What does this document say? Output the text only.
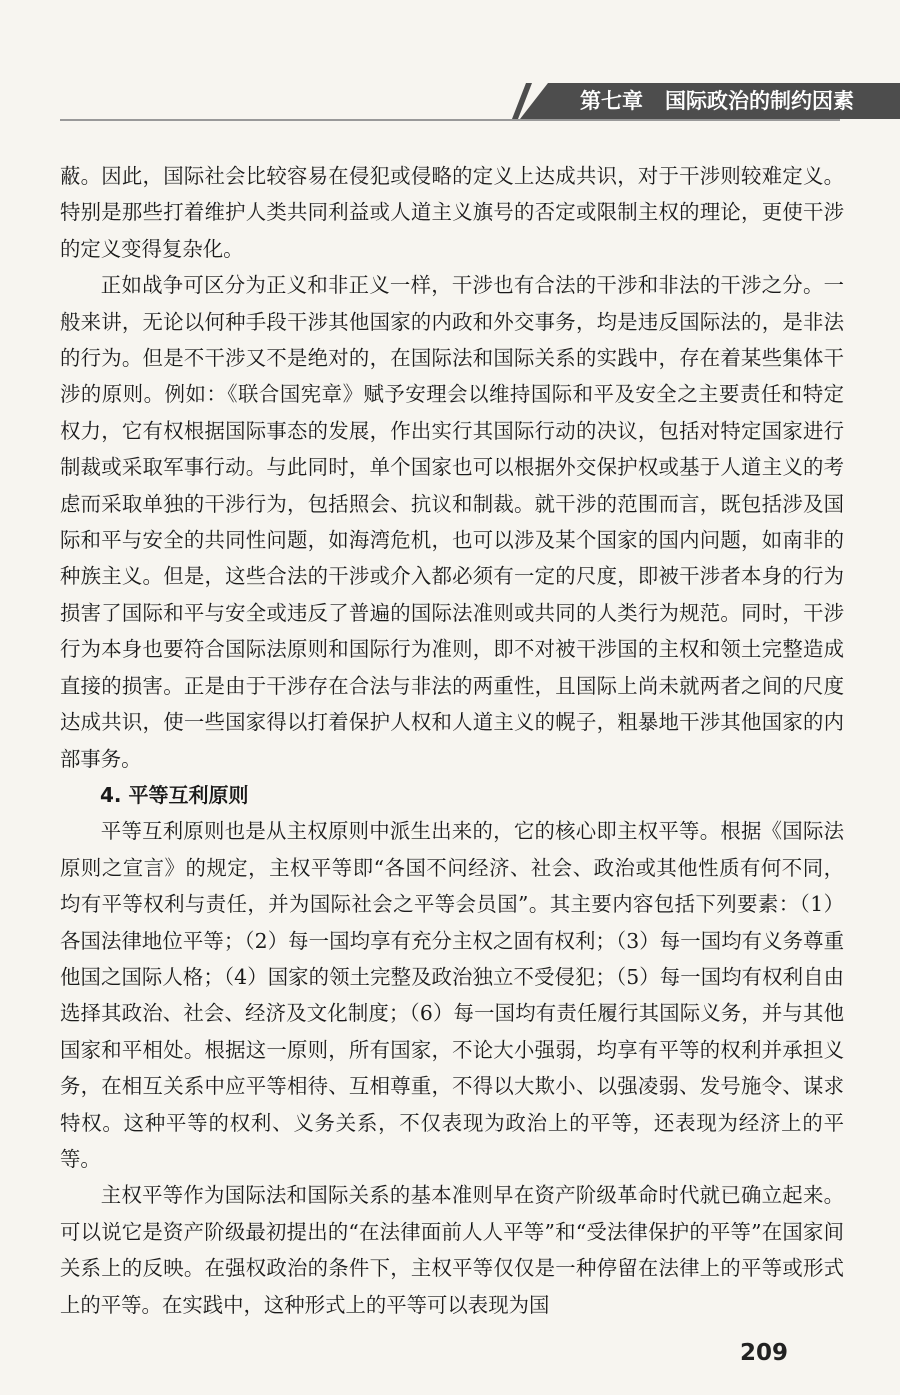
第七章 国际政治的制约因素

蔽。因此，国际社会比较容易在侵犯或侵略的定义上达成共识，对于干涉则较难定义。特别是那些打着维护人类共同利益或人道主义旗号的否定或限制主权的理论，更使干涉的定义变得复杂化。

正如战争可区分为正义和非正义一样，干涉也有合法的干涉和非法的干涉之分。一般来讲，无论以何种手段干涉其他国家的内政和外交事务，均是违反国际法的，是非法的行为。但是不干涉又不是绝对的，在国际法和国际关系的实践中，存在着某些集体干涉的原则。例如：《联合国宪章》赋予安理会以维持国际和平及安全之主要责任和特定权力，它有权根据国际事态的发展，作出实行其国际行动的决议，包括对特定国家进行制裁或采取军事行动。与此同时，单个国家也可以根据外交保护权或基于人道主义的考虑而采取单独的干涉行为，包括照会、抗议和制裁。就干涉的范围而言，既包括涉及国际和平与安全的共同性问题，如海湾危机，也可以涉及某个国家的国内问题，如南非的种族主义。但是，这些合法的干涉或介入都必须有一定的尺度，即被干涉者本身的行为损害了国际和平与安全或违反了普遍的国际法准则或共同的人类行为规范。同时，干涉行为本身也要符合国际法原则和国际行为准则，即不对被干涉国的主权和领土完整造成直接的损害。正是由于干涉存在合法与非法的两重性，且国际上尚未就两者之间的尺度达成共识，使一些国家得以打着保护人权和人道主义的幌子，粗暴地干涉其他国家的内部事务。

4. 平等互利原则

平等互利原则也是从主权原则中派生出来的，它的核心即主权平等。根据《国际法原则之宣言》的规定，主权平等即“各国不问经济、社会、政治或其他性质有何不同，均有平等权利与责任，并为国际社会之平等会员国”。其主要内容包括下列要素：（1）各国法律地位平等；（2）每一国均享有充分主权之固有权利；（3）每一国均有义务尊重他国之国际人格；（4）国家的领土完整及政治独立不受侵犯；（5）每一国均有权利自由选择其政治、社会、经济及文化制度；（6）每一国均有责任履行其国际义务，并与其他国家和平相处。根据这一原则，所有国家，不论大小强弱，均享有平等的权利并承担义务，在相互关系中应平等相待、互相尊重，不得以大欺小、以强凌弱、发号施令、谋求特权。这种平等的权利、义务关系，不仅表现为政治上的平等，还表现为经济上的平等。

主权平等作为国际法和国际关系的基本准则早在资产阶级革命时代就已确立起来。可以说它是资产阶级最初提出的“在法律面前人人平等”和“受法律保护的平等”在国家间关系上的反映。在强权政治的条件下，主权平等仅仅是一种停留在法律上的平等或形式上的平等。在实践中，这种形式上的平等可以表现为国

209
